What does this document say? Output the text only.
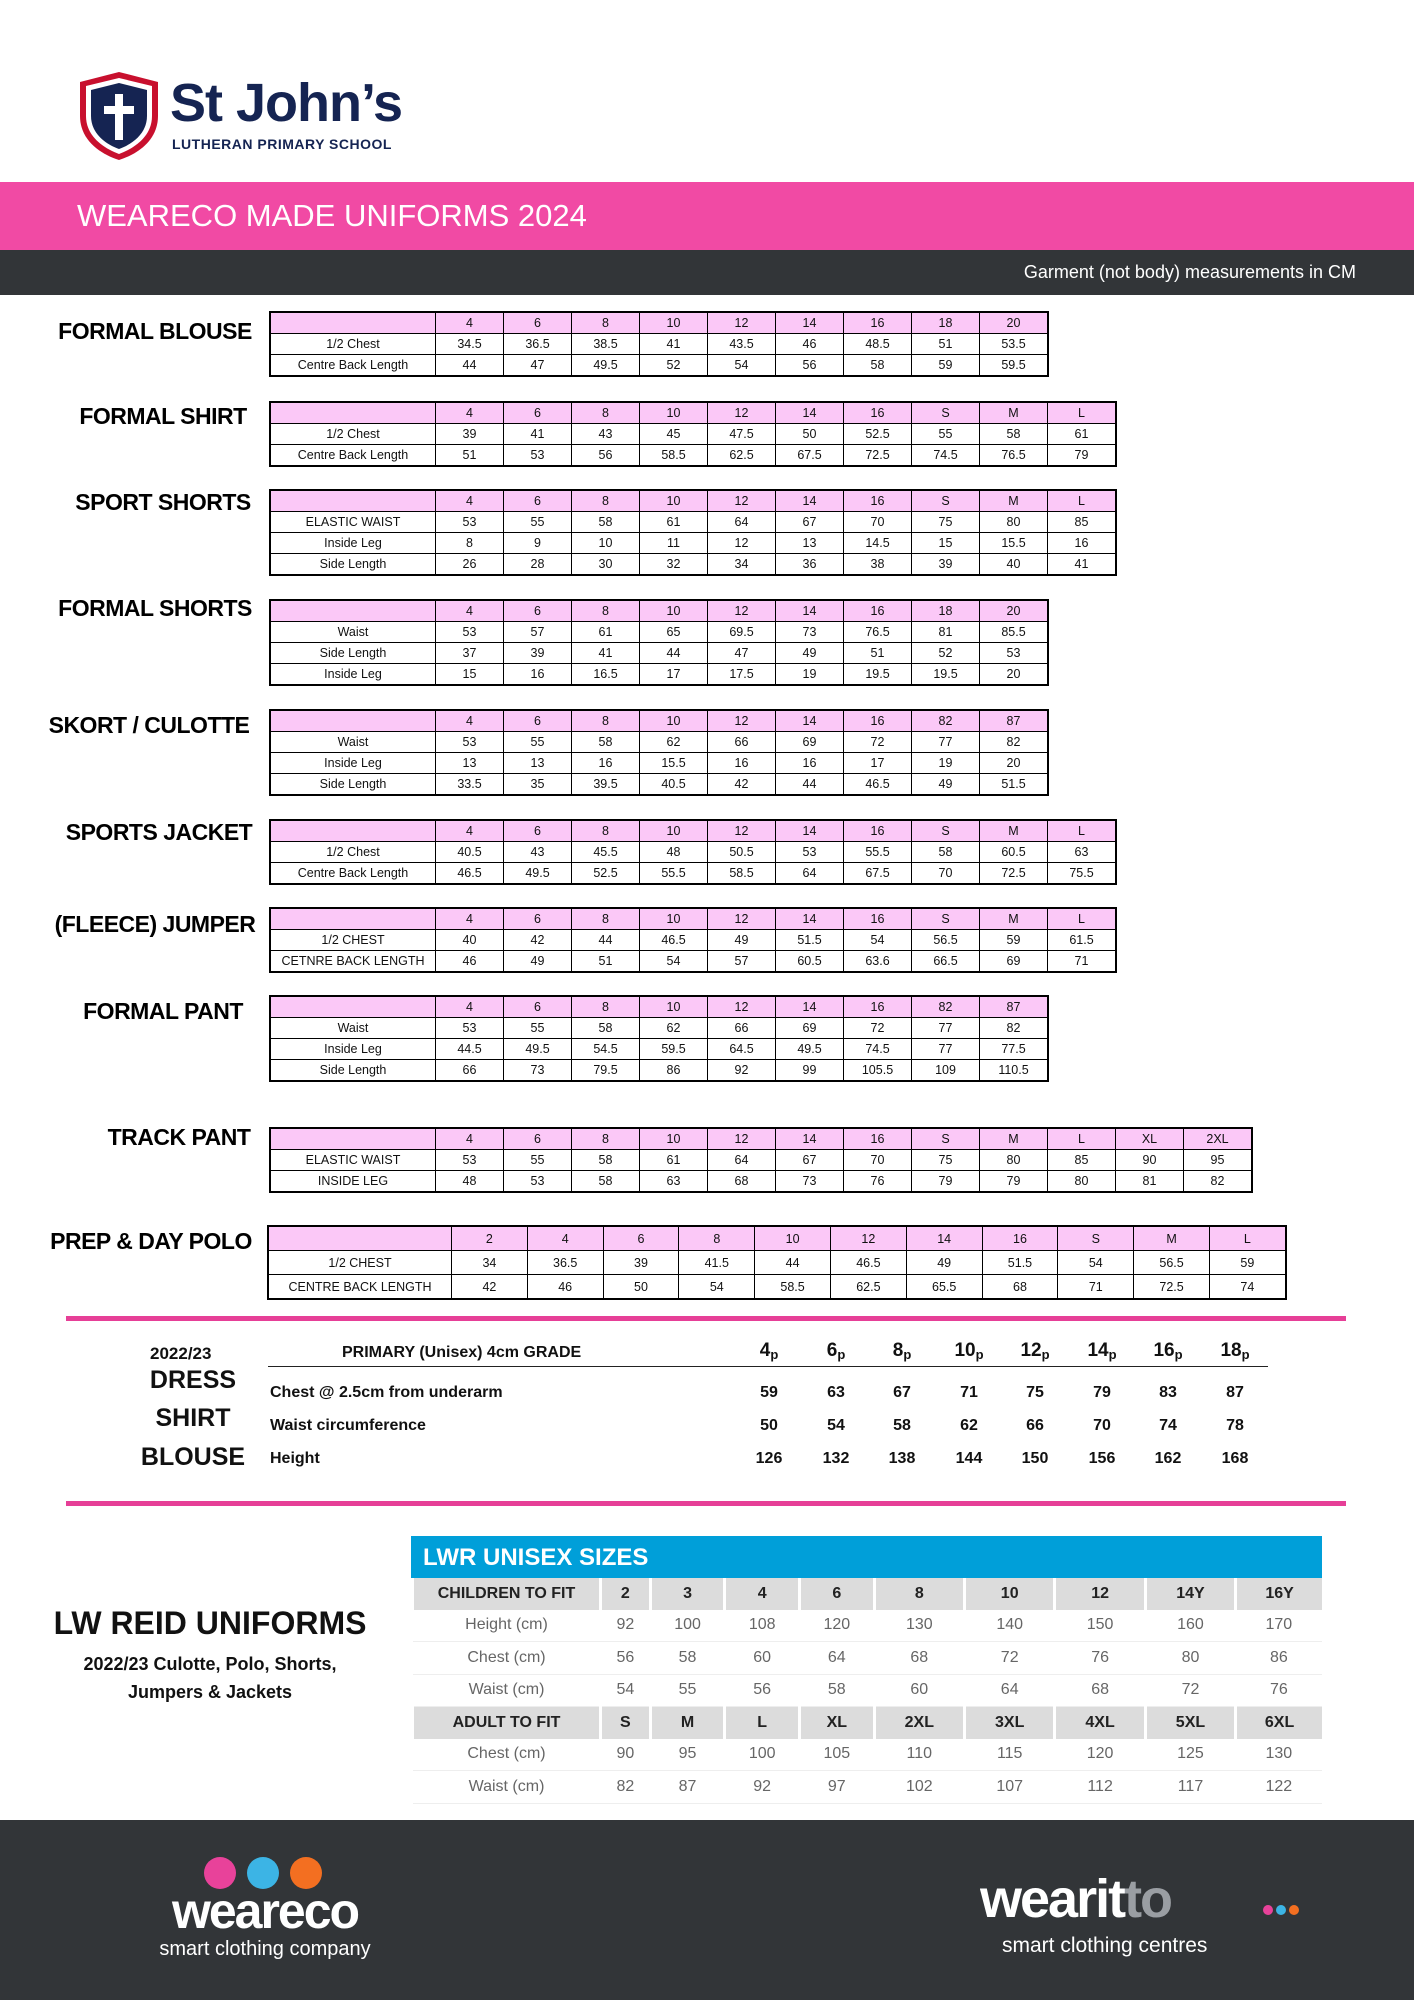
St John’s
LUTHERAN PRIMARY SCHOOL
WEARECO MADE UNIFORMS 2024
Garment (not body) measurements in CM
FORMAL BLOUSE
		4	6	8	10	12	14	16	18	20
1/2 Chest	34.5	36.5	38.5	41	43.5	46	48.5	51	53.5
Centre Back Length	44	47	49.5	52	54	56	58	59	59.5
FORMAL SHIRT
		4	6	8	10	12	14	16	S	M	L
1/2 Chest	39	41	43	45	47.5	50	52.5	55	58	61
Centre Back Length	51	53	56	58.5	62.5	67.5	72.5	74.5	76.5	79
SPORT SHORTS
		4	6	8	10	12	14	16	S	M	L
ELASTIC WAIST	53	55	58	61	64	67	70	75	80	85
Inside Leg	8	9	10	11	12	13	14.5	15	15.5	16
Side Length	26	28	30	32	34	36	38	39	40	41
FORMAL SHORTS
		4	6	8	10	12	14	16	18	20
Waist	53	57	61	65	69.5	73	76.5	81	85.5
Side Length	37	39	41	44	47	49	51	52	53
Inside Leg	15	16	16.5	17	17.5	19	19.5	19.5	20
SKORT / CULOTTE
		4	6	8	10	12	14	16	82	87
Waist	53	55	58	62	66	69	72	77	82
Inside Leg	13	13	16	15.5	16	16	17	19	20
Side Length	33.5	35	39.5	40.5	42	44	46.5	49	51.5
SPORTS JACKET
		4	6	8	10	12	14	16	S	M	L
1/2 Chest	40.5	43	45.5	48	50.5	53	55.5	58	60.5	63
Centre Back Length	46.5	49.5	52.5	55.5	58.5	64	67.5	70	72.5	75.5
(FLEECE) JUMPER
		4	6	8	10	12	14	16	S	M	L
1/2 CHEST	40	42	44	46.5	49	51.5	54	56.5	59	61.5
CETNRE BACK LENGTH	46	49	51	54	57	60.5	63.6	66.5	69	71
FORMAL PANT
		4	6	8	10	12	14	16	82	87
Waist	53	55	58	62	66	69	72	77	82
Inside Leg	44.5	49.5	54.5	59.5	64.5	49.5	74.5	77	77.5
Side Length	66	73	79.5	86	92	99	105.5	109	110.5
TRACK PANT
		4	6	8	10	12	14	16	S	M	L	XL	2XL
ELASTIC WAIST	53	55	58	61	64	67	70	75	80	85	90	95
INSIDE LEG	48	53	58	63	68	73	76	79	79	80	81	82
PREP & DAY POLO
		2	4	6	8	10	12	14	16	S	M	L
1/2 CHEST	34	36.5	39	41.5	44	46.5	49	51.5	54	56.5	59
CENTRE BACK LENGTH	42	46	50	54	58.5	62.5	65.5	68	71	72.5	74
2022/23
DRESS
SHIRT
BLOUSE
PRIMARY (Unisex) 4cm GRADE	$4_p$	$6_p$	$8_p$	$10_p$	$12_p$	$14_p$	$16_p$	$18_p$
Chest @ 2.5cm from underarm	59	63	67	71	75	79	83	87
Waist circumference	50	54	58	62	66	70	74	78
Height	126	132	138	144	150	156	162	168
LW REID UNIFORMS
2022/23 Culotte, Polo, Shorts,
Jumpers & Jackets
LWR UNISEX SIZES
CHILDREN TO FIT	2	3	4	6	8	10	12	14Y	16Y
Height (cm)	92	100	108	120	130	140	150	160	170
Chest (cm)	56	58	60	64	68	72	76	80	86
Waist (cm)	54	55	56	58	60	64	68	72	76
ADULT TO FIT	S	M	L	XL	2XL	3XL	4XL	5XL	6XL
Chest (cm)	90	95	100	105	110	115	120	125	130
Waist (cm)	82	87	92	97	102	107	112	117	122
weareco
smart clothing company
wearitto
smart clothing centres
